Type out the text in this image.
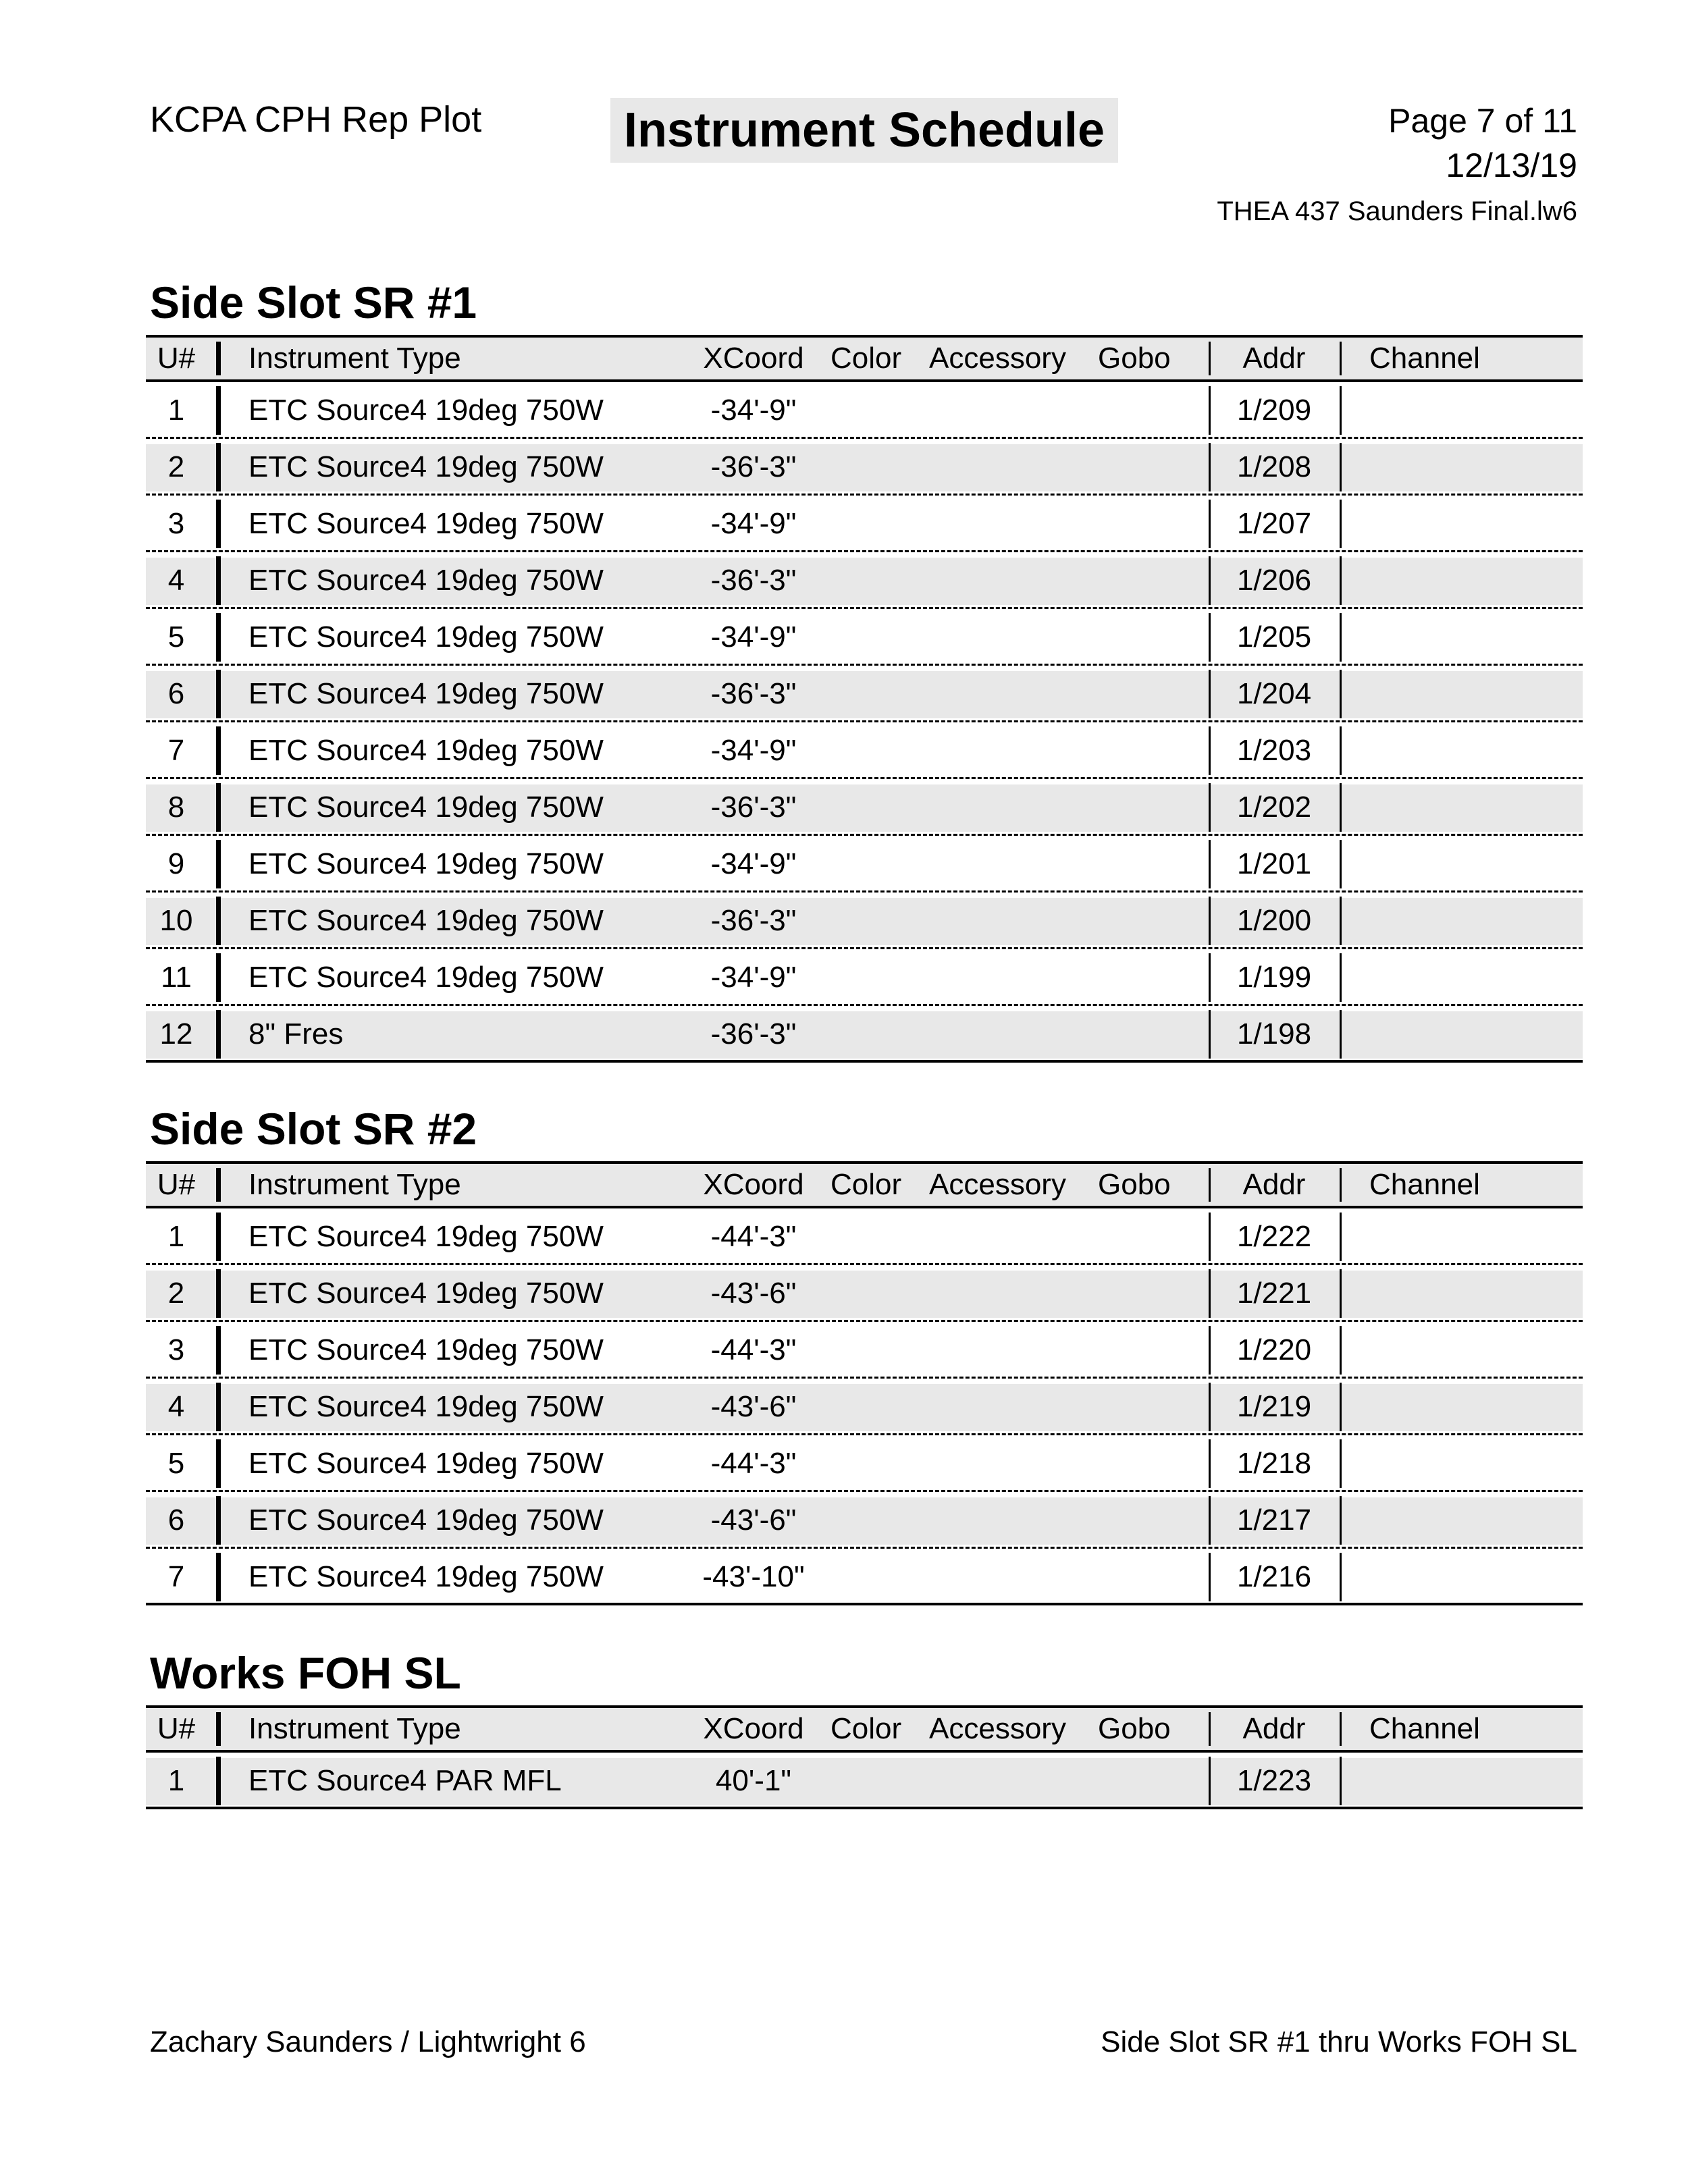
KCPA CPH Rep Plot	Instrument Schedule	Page 7 of 11
12/13/19
THEA 437 Saunders Final.lw6
Side Slot SR #1
U#	Instrument Type	XCoord Color Accessory Gobo	Addr	Channel
1	ETC Source4 19deg 750W	-34'-9"	1/209
2	ETC Source4 19deg 750W	-36'-3"	1/208
3	ETC Source4 19deg 750W	-34'-9"	1/207
4	ETC Source4 19deg 750W	-36'-3"	1/206
5	ETC Source4 19deg 750W	-34'-9"	1/205
6	ETC Source4 19deg 750W	-36'-3"	1/204
7	ETC Source4 19deg 750W	-34'-9"	1/203
8	ETC Source4 19deg 750W	-36'-3"	1/202
9	ETC Source4 19deg 750W	-34'-9"	1/201
10	ETC Source4 19deg 750W	-36'-3"	1/200
11	ETC Source4 19deg 750W	-34'-9"	1/199
12	8" Fres	-36'-3"	1/198
Side Slot SR #2
U#	Instrument Type	XCoord Color Accessory Gobo	Addr	Channel
1	ETC Source4 19deg 750W	-44'-3"	1/222
2	ETC Source4 19deg 750W	-43'-6"	1/221
3	ETC Source4 19deg 750W	-44'-3"	1/220
4	ETC Source4 19deg 750W	-43'-6"	1/219
5	ETC Source4 19deg 750W	-44'-3"	1/218
6	ETC Source4 19deg 750W	-43'-6"	1/217
7	ETC Source4 19deg 750W	-43'-10"	1/216
Works FOH SL
U#	Instrument Type	XCoord Color Accessory Gobo	Addr	Channel
1	ETC Source4 PAR MFL	40'-1"	1/223
Zachary Saunders / Lightwright 6	Side Slot SR #1 thru Works FOH SL
